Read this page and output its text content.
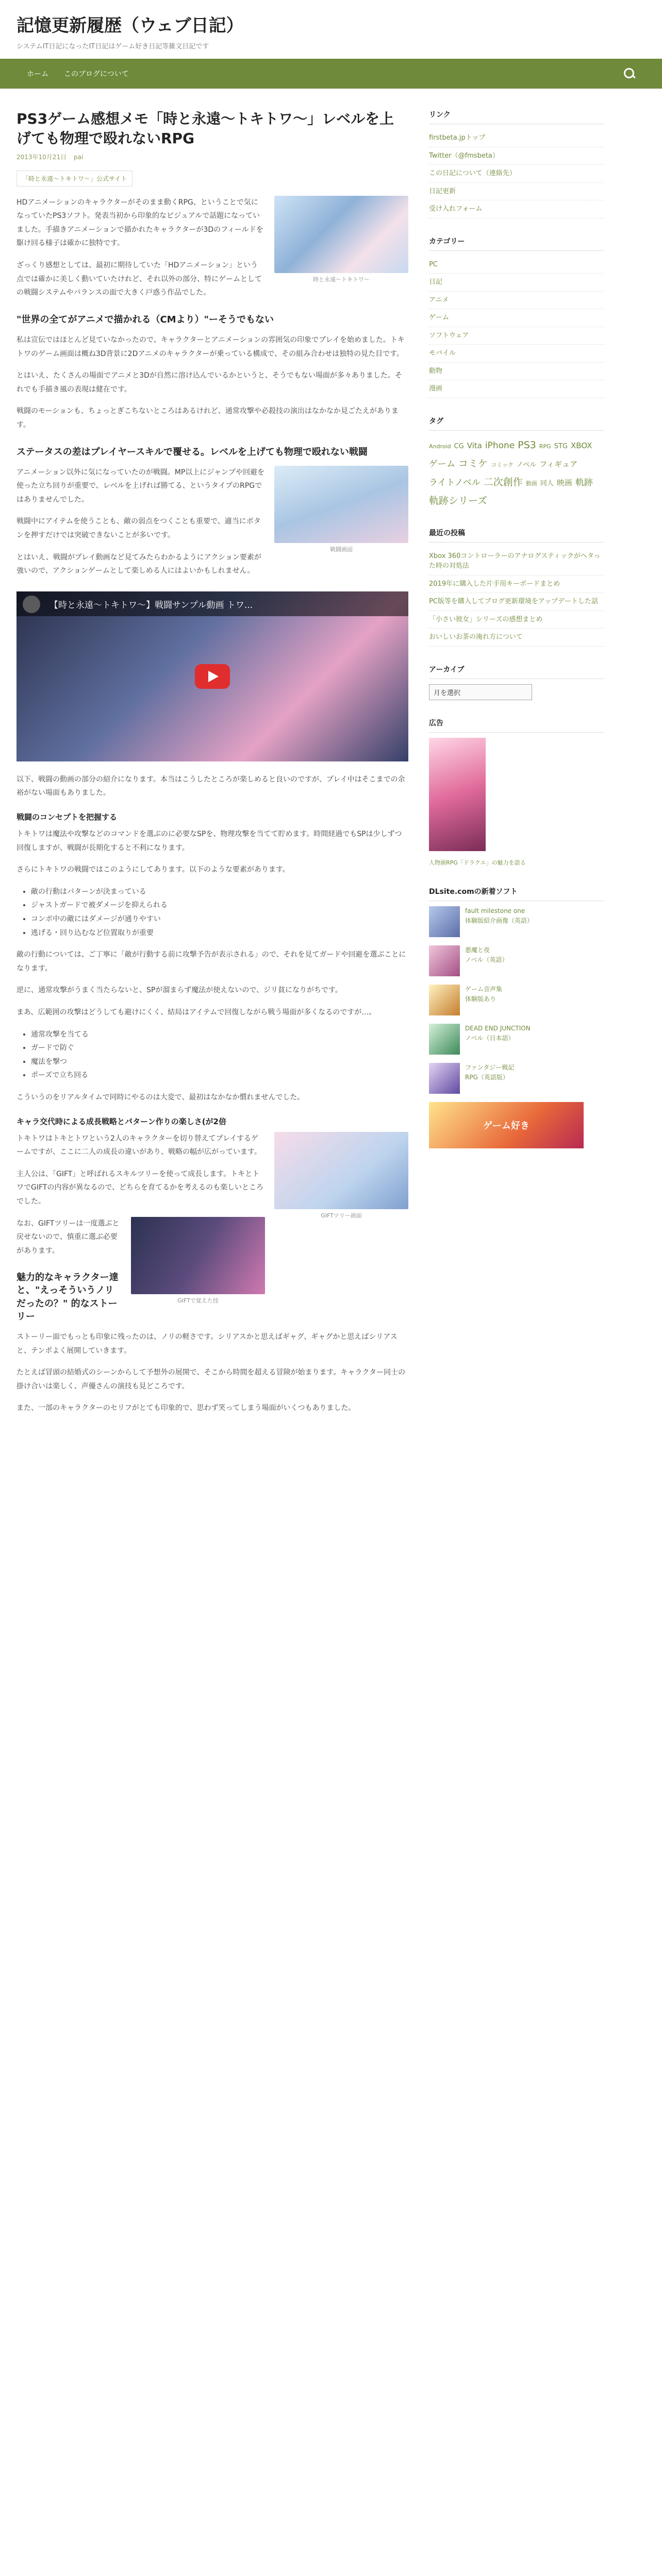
記憶更新履歴（ウェブ日記）
システムIT日記になったIT日記はゲーム好き日記等雑文日記です
ホーム このブログについて
PS3ゲーム感想メモ「時と永遠～トキトワ～」レベルを上げても物理で殴れないRPG
2013年10月21日 pai
「時と永遠～トキトワ～」公式サイト
時と永遠～トキトワ～

HDアニメーションのキャラクターがそのまま動くRPG、ということで気になっていたPS3ソフト。発表当初から印象的なビジュアルで話題になっていました。手描きアニメーションで描かれたキャラクターが3Dのフィールドを駆け回る様子は確かに独特です。

ざっくり感想としては、最初に期待していた「HDアニメーション」という点では確かに美しく動いていたけれど、それ以外の部分、特にゲームとしての戦闘システムやバランスの面で大きく戸惑う作品でした。

"世界の全てがアニメで描かれる（CMより）"ーそうでもない

私は宣伝ではほとんど見ていなかったので、キャラクターとアニメーションの雰囲気の印象でプレイを始めました。トキトワのゲーム画面は概ね3D背景に2Dアニメのキャラクターが乗っている構成で、その組み合わせは独特の見た目です。

とはいえ、たくさんの場面でアニメと3Dが自然に溶け込んでいるかというと、そうでもない場面が多々ありました。それでも手描き風の表現は健在です。

戦闘のモーションも、ちょっとぎこちないところはあるけれど、通常攻撃や必殺技の演出はなかなか見ごたえがあります。

ステータスの差はプレイヤースキルで覆せる。レベルを上げても物理で殴れない戦闘
戦闘画面

アニメーション以外に気になっていたのが戦闘。MP以上にジャンプや回避を使った立ち回りが重要で、レベルを上げれば勝てる、というタイプのRPGではありませんでした。

戦闘中にアイテムを使うことも、敵の弱点をつくことも重要で、適当にボタンを押すだけでは突破できないことが多いです。

とはいえ、戦闘がプレイ動画など見てみたらわかるようにアクション要素が強いので、アクションゲームとして楽しめる人にはよいかもしれません。

【時と永遠～トキトワ～】戦闘サンプル動画 トワ...

以下、戦闘の動画の部分の紹介になります。本当はこうしたところが楽しめると良いのですが、プレイ中はそこまでの余裕がない場面もありました。

戦闘のコンセプトを把握する

トキトワは魔法や攻撃などのコマンドを選ぶのに必要なSPを、物理攻撃を当てて貯めます。時間経過でもSPは少しずつ回復しますが、戦闘が長期化すると不利になります。

さらにトキトワの戦闘ではこのようにしてあります。以下のような要素があります。

• 敵の行動はパターンが決まっている
• ジャストガードで被ダメージを抑えられる
• コンボ中の敵にはダメージが通りやすい
• 逃げる・回り込むなど位置取りが重要

敵の行動については、ご丁寧に「敵が行動する前に攻撃予告が表示される」ので、それを見てガードや回避を選ぶことになります。

逆に、通常攻撃がうまく当たらないと、SPが溜まらず魔法が使えないので、ジリ貧になりがちです。

まあ、広範囲の攻撃はどうしても避けにくく、結局はアイテムで回復しながら戦う場面が多くなるのですが…。

• 通常攻撃を当てる
• ガードで防ぐ
• 魔法を撃つ
• ポーズで立ち回る

こういうのをリアルタイムで同時にやるのは大変で、最初はなかなか慣れませんでした。

キャラ交代時による成長戦略とパターン作りの楽しさ(が2倍
GIFTツリー画面

トキトワはトキとトワという2人のキャラクターを切り替えてプレイするゲームですが、ここに二人の成長の違いがあり、戦略の幅が広がっています。

主人公は、「GIFT」と呼ばれるスキルツリーを使って成長します。トキとトワでGIFTの内容が異なるので、どちらを育てるかを考えるのも楽しいところでした。

GIFTで覚えた技

なお、GIFTツリーは一度選ぶと戻せないので、慎重に選ぶ必要があります。

魅力的なキャラクター達と、"えっそういうノリだったの？" 的なストーリー

ストーリー面でもっとも印象に残ったのは、ノリの軽さです。シリアスかと思えばギャグ、ギャグかと思えばシリアスと、テンポよく展開していきます。

たとえば冒頭の結婚式のシーンからして予想外の展開で、そこから時間を超える冒険が始まります。キャラクター同士の掛け合いは楽しく、声優さんの演技も見どころです。

また、一部のキャラクターのセリフがとても印象的で、思わず笑ってしまう場面がいくつもありました。

リンク
firstbeta.jpトップ
Twitter（@fmsbeta）
この日記について（連絡先）
日記更新
受け入れフォーム
カテゴリー
PC
日記
アニメ
ゲーム
ソフトウェア
モバイル
動物
漫画
タグ
Android CG Vita iPhone PS3 RPG STG XBOXゲーム コミケ コミック ノベル フィギュアライトノベル 二次創作 動画 同人 映画 軌跡軌跡シリーズ
最近の投稿
Xbox 360コントローラーのアナログスティックがへタった時の対処法
2019年に購入した片手用キーボードまとめ
PC版等を購入してブログ更新環境をアップデートした話
「小さい彼女」シリーズの感想まとめ
おいしいお茶の淹れ方について
アーカイブ
月を選択
広告
人物画RPG「ドラクエ」の魅力を語る
DLsite.comの新着ソフト
fault milestone one
体験版紹介画像（英語）
悪魔と夜
ノベル（英語）
ゲーム音声集
体験版あり
DEAD END JUNCTION
ノベル（日本語）
ファンタジー戦記
RPG（英語版）
ゲーム好き
